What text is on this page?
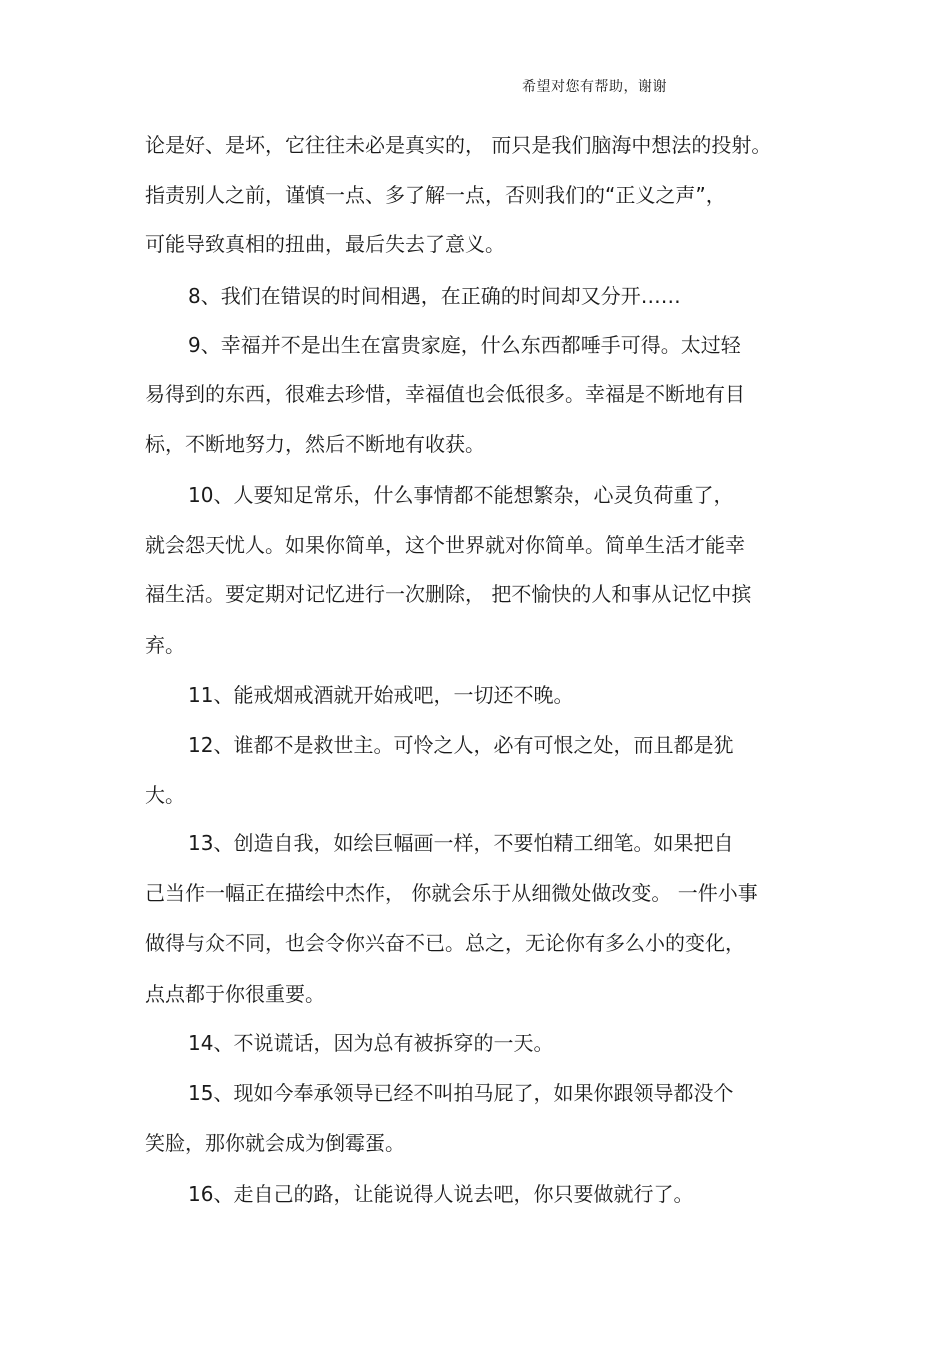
希望对您有帮助，谢谢
论是好、是坏，它往往未必是真实的， 而只是我们脑海中想法的投射。
指责别人之前，谨慎一点、多了解一点，否则我们的“正义之声”，
可能导致真相的扭曲，最后失去了意义。
8、我们在错误的时间相遇，在正确的时间却又分开……
9、幸福并不是出生在富贵家庭，什么东西都唾手可得。太过轻
易得到的东西，很难去珍惜，幸福值也会低很多。幸福是不断地有目
标，不断地努力，然后不断地有收获。
10、人要知足常乐，什么事情都不能想繁杂，心灵负荷重了，
就会怨天忧人。如果你简单，这个世界就对你简单。简单生活才能幸
福生活。要定期对记忆进行一次删除， 把不愉快的人和事从记忆中摈
弃。
11、能戒烟戒酒就开始戒吧，一切还不晚。
12、谁都不是救世主。可怜之人，必有可恨之处，而且都是犹
大。
13、创造自我，如绘巨幅画一样，不要怕精工细笔。如果把自
己当作一幅正在描绘中杰作， 你就会乐于从细微处做改变。 一件小事
做得与众不同，也会令你兴奋不已。总之，无论你有多么小的变化，
点点都于你很重要。
14、不说谎话，因为总有被拆穿的一天。
15、现如今奉承领导已经不叫拍马屁了，如果你跟领导都没个
笑脸，那你就会成为倒霉蛋。
16、走自己的路，让能说得人说去吧，你只要做就行了。
